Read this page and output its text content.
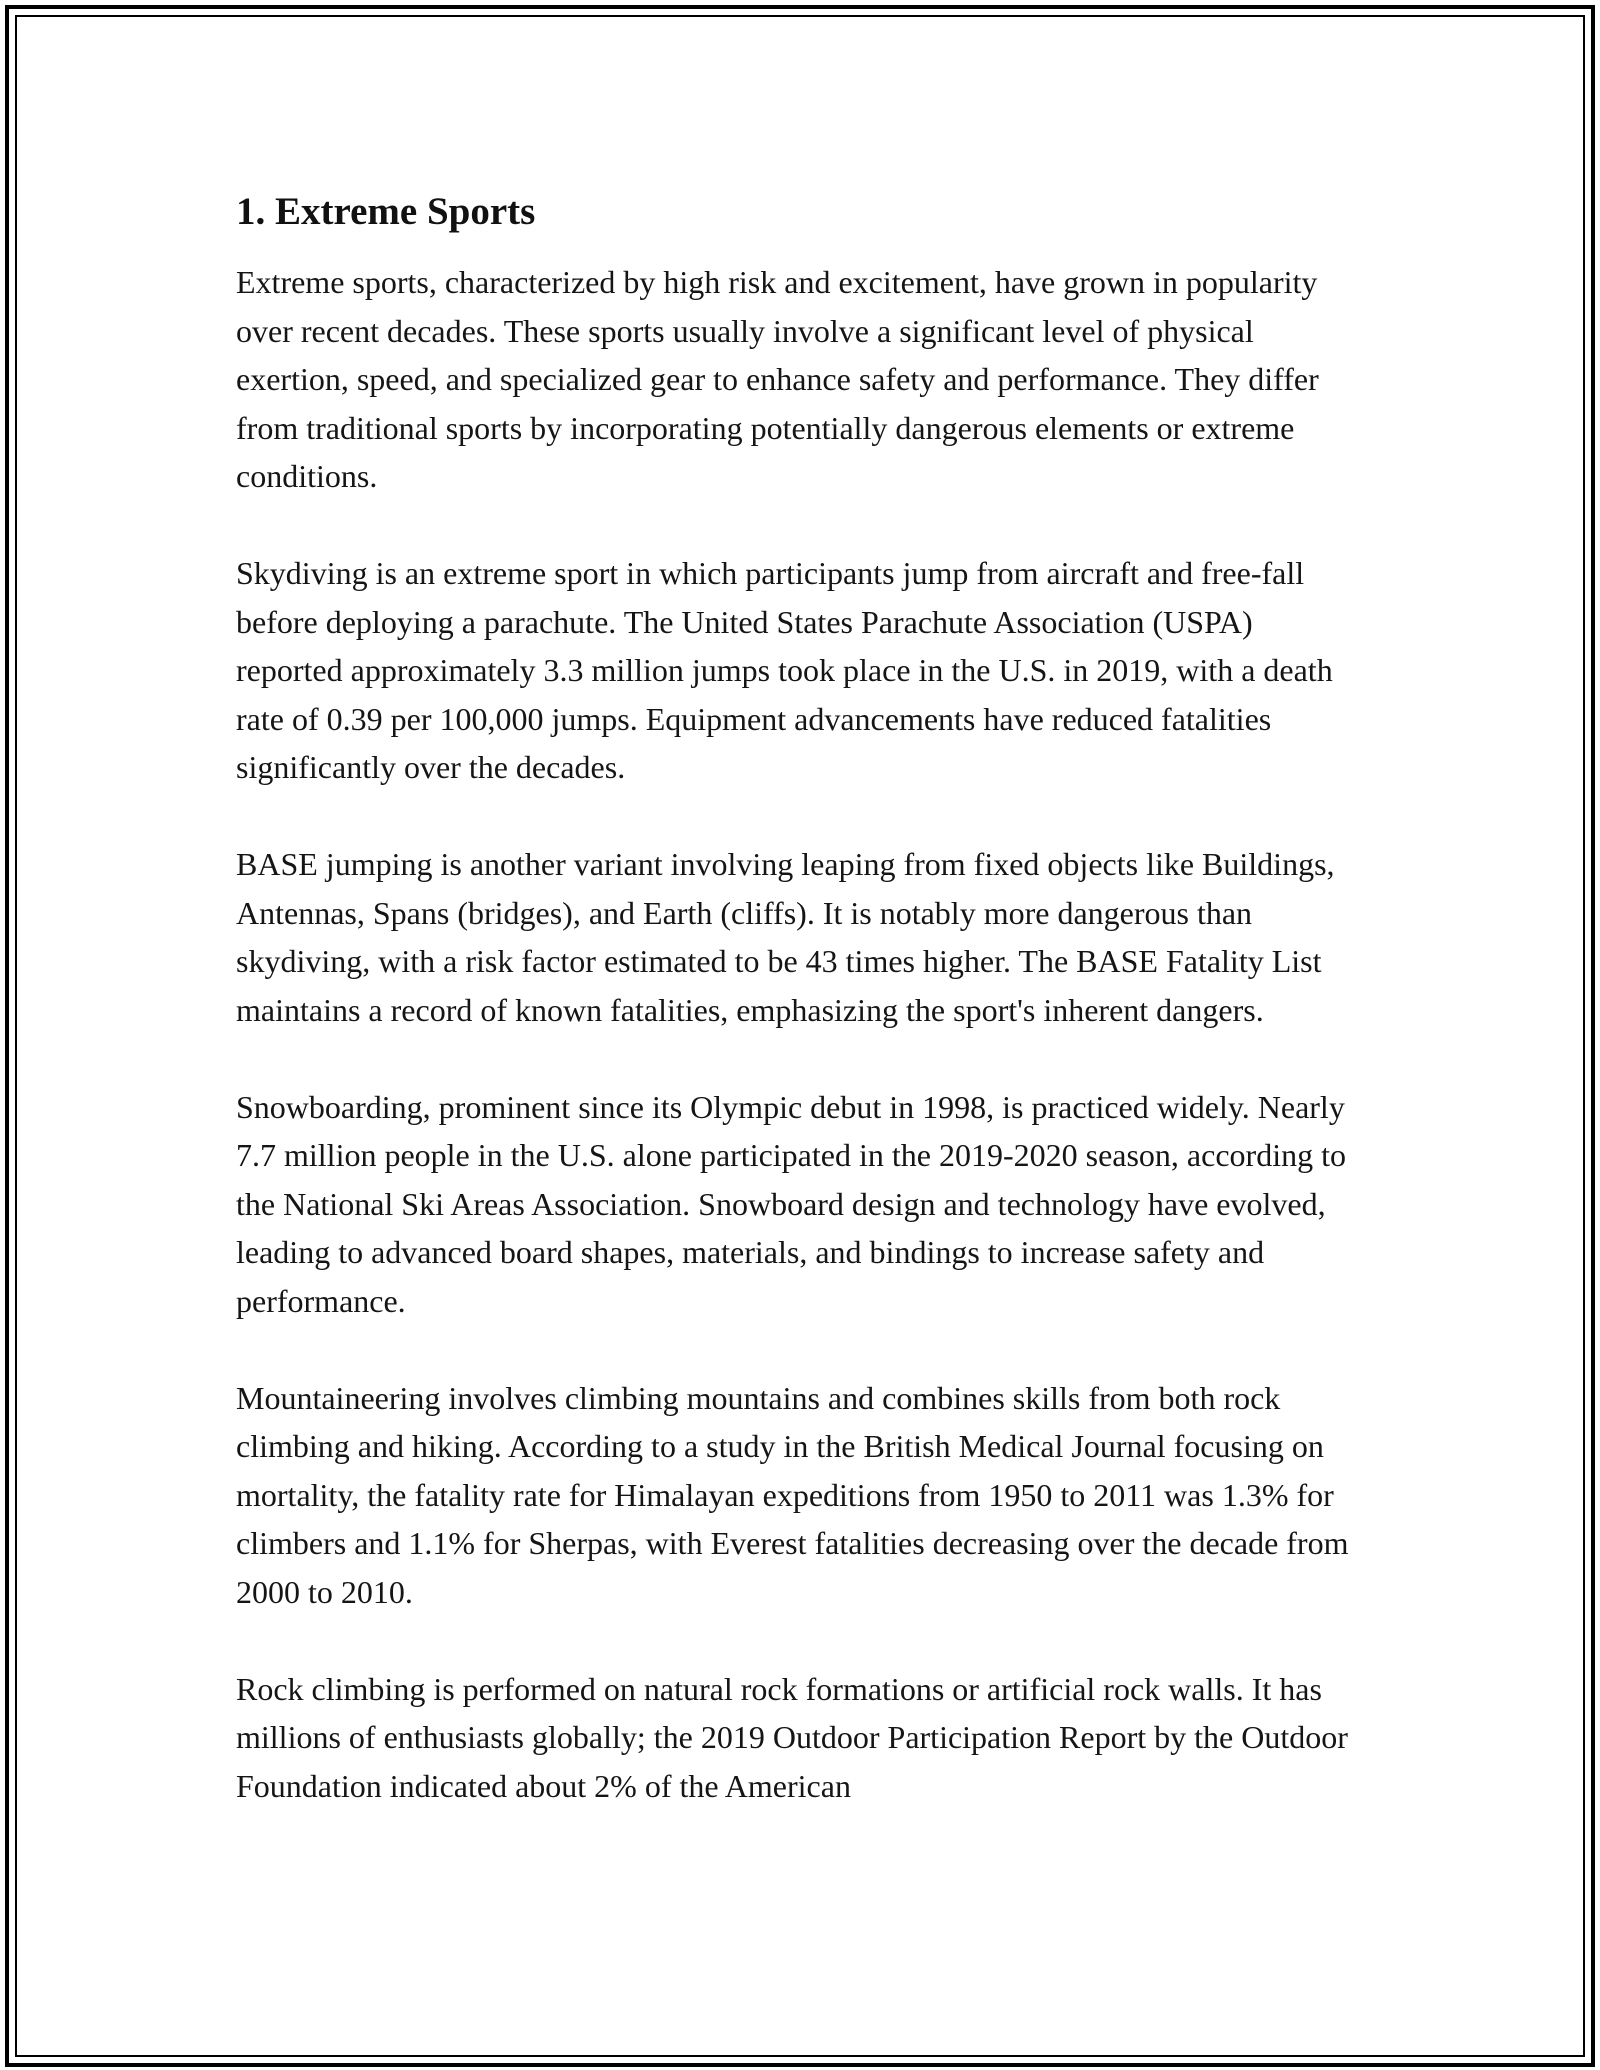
1. Extreme Sports

Extreme sports, characterized by high risk and excitement, have grown in popularity over recent decades. These sports usually involve a significant level of physical exertion, speed, and specialized gear to enhance safety and performance. They differ from traditional sports by incorporating potentially dangerous elements or extreme conditions.

Skydiving is an extreme sport in which participants jump from aircraft and free-fall before deploying a parachute. The United States Parachute Association (USPA) reported approximately 3.3 million jumps took place in the U.S. in 2019, with a death rate of 0.39 per 100,000 jumps. Equipment advancements have reduced fatalities significantly over the decades.

BASE jumping is another variant involving leaping from fixed objects like Buildings, Antennas, Spans (bridges), and Earth (cliffs). It is notably more dangerous than skydiving, with a risk factor estimated to be 43 times higher. The BASE Fatality List maintains a record of known fatalities, emphasizing the sport's inherent dangers.

Snowboarding, prominent since its Olympic debut in 1998, is practiced widely. Nearly 7.7 million people in the U.S. alone participated in the 2019-2020 season, according to the National Ski Areas Association. Snowboard design and technology have evolved, leading to advanced board shapes, materials, and bindings to increase safety and performance.

Mountaineering involves climbing mountains and combines skills from both rock climbing and hiking. According to a study in the British Medical Journal focusing on mortality, the fatality rate for Himalayan expeditions from 1950 to 2011 was 1.3% for climbers and 1.1% for Sherpas, with Everest fatalities decreasing over the decade from 2000 to 2010.

Rock climbing is performed on natural rock formations or artificial rock walls. It has millions of enthusiasts globally; the 2019 Outdoor Participation Report by the Outdoor Foundation indicated about 2% of the American
